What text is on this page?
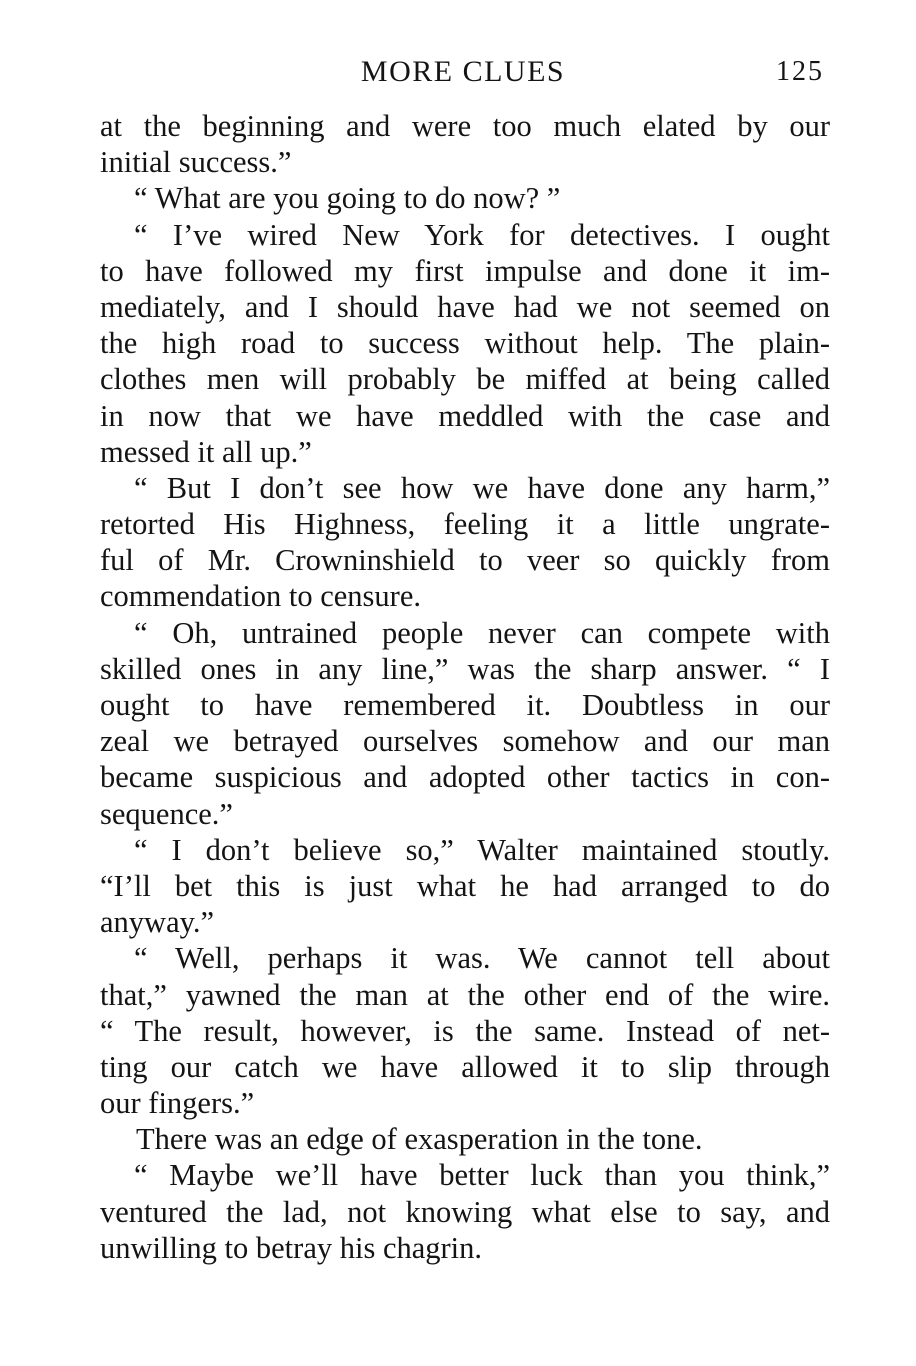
MORE CLUES	125
at the beginning and were too much elated by our
initial success.”
“ What are you going to do now? ”
“ I’ve wired New York for detectives. I ought
to have followed my first impulse and done it im-
mediately, and I should have had we not seemed on
the high road to success without help. The plain-
clothes men will probably be miffed at being called
in now that we have meddled with the case and
messed it all up.”
“ But I don’t see how we have done any harm,”
retorted His Highness, feeling it a little ungrate-
ful of Mr. Crowninshield to veer so quickly from
commendation to censure.
“ Oh, untrained people never can compete with
skilled ones in any line,” was the sharp answer. “ I
ought to have remembered it. Doubtless in our
zeal we betrayed ourselves somehow and our man
became suspicious and adopted other tactics in con-
sequence.”
“ I don’t believe so,” Walter maintained stoutly.
“I’ll bet this is just what he had arranged to do
anyway.”
“ Well, perhaps it was. We cannot tell about
that,” yawned the man at the other end of the wire.
“ The result, however, is the same. Instead of net-
ting our catch we have allowed it to slip through
our fingers.”
There was an edge of exasperation in the tone.
“ Maybe we’ll have better luck than you think,”
ventured the lad, not knowing what else to say, and
unwilling to betray his chagrin.
